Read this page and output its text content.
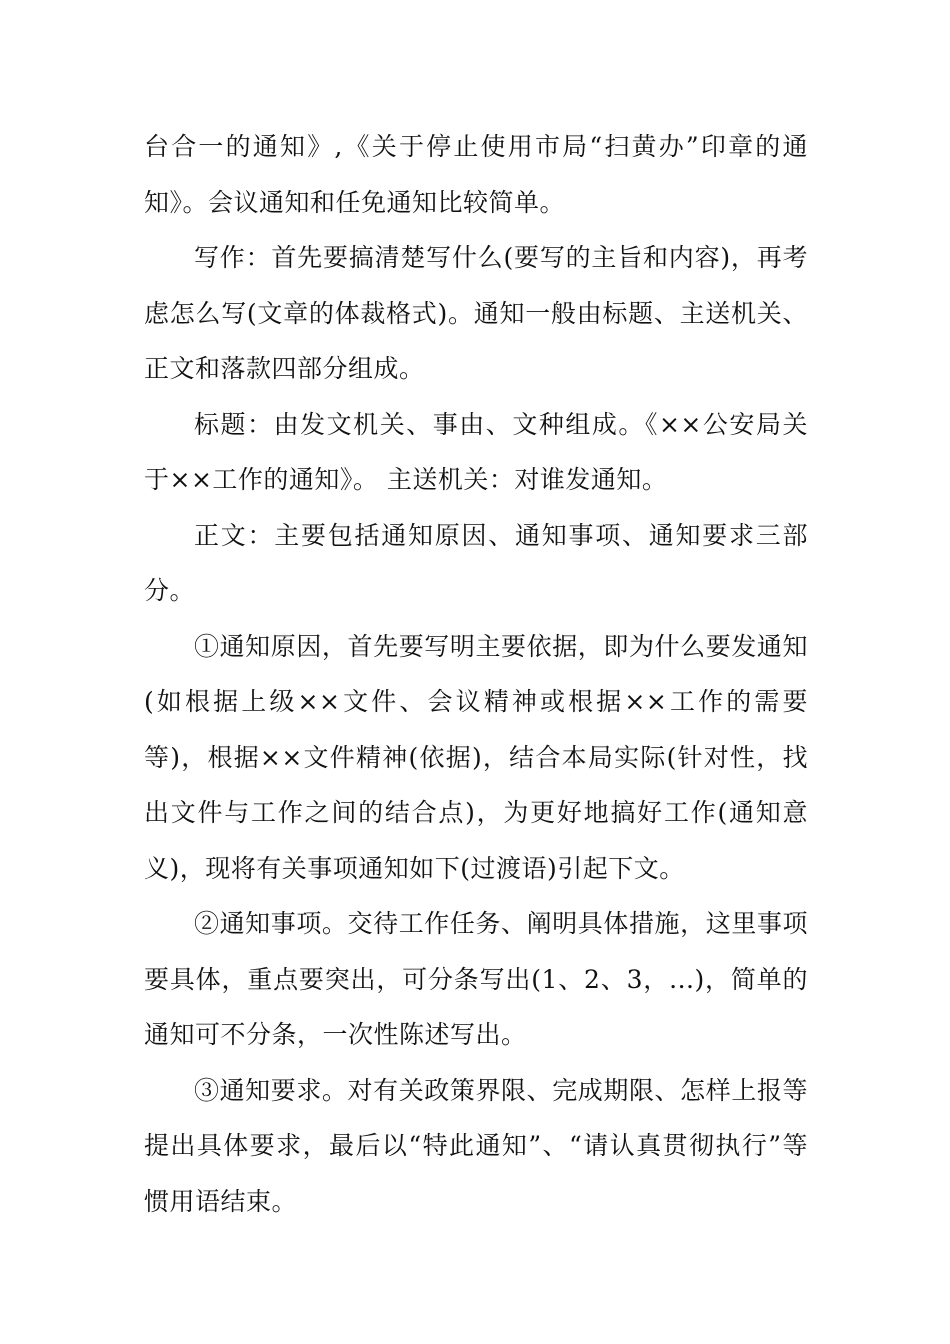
台合一的通知》,《关于停止使用市局“扫黄办”印章的通知》。会议通知和任免通知比较简单。

写作：首先要搞清楚写什么(要写的主旨和内容)，再考虑怎么写(文章的体裁格式)。通知一般由标题、主送机关、正文和落款四部分组成。

标题：由发文机关、事由、文种组成。《××公安局关于××工作的通知》。 主送机关：对谁发通知。

正文：主要包括通知原因、通知事项、通知要求三部分。

①通知原因，首先要写明主要依据，即为什么要发通知(如根据上级××文件、会议精神或根据××工作的需要等)，根据××文件精神(依据)，结合本局实际(针对性，找出文件与工作之间的结合点)，为更好地搞好工作(通知意义)，现将有关事项通知如下(过渡语)引起下文。

②通知事项。交待工作任务、阐明具体措施，这里事项要具体，重点要突出，可分条写出(1、2、3，...)，简单的通知可不分条，一次性陈述写出。

③通知要求。对有关政策界限、完成期限、怎样上报等提出具体要求，最后以“特此通知”、“请认真贯彻执行”等惯用语结束。
